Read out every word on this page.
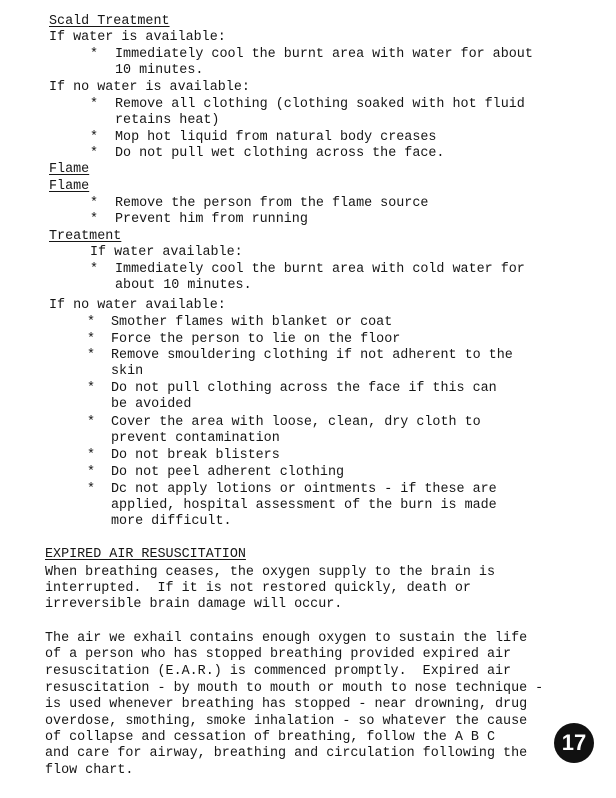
Scald Treatment
If water is available:
* Immediately cool the burnt area with water for about
10 minutes.
If no water is available:
* Remove all clothing (clothing soaked with hot fluid
retains heat)
* Mop hot liquid from natural body creases
* Do not pull wet clothing across the face.
Flame
Flame
* Remove the person from the flame source
* Prevent him from running
Treatment
If water available:
* Immediately cool the burnt area with cold water for
about 10 minutes.
If no water available:
* Smother flames with blanket or coat
* Force the person to lie on the floor
* Remove smouldering clothing if not adherent to the
skin
* Do not pull clothing across the face if this can
be avoided
* Cover the area with loose, clean, dry cloth to
prevent contamination
* Do not break blisters
* Do not peel adherent clothing
* Dc not apply lotions or ointments - if these are
applied, hospital assessment of the burn is made
more difficult.
EXPIRED AIR RESUSCITATION
When breathing ceases, the oxygen supply to the brain is
interrupted.  If it is not restored quickly, death or
irreversible brain damage will occur.
The air we exhail contains enough oxygen to sustain the life
of a person who has stopped breathing provided expired air
resuscitation (E.A.R.) is commenced promptly.  Expired air
resuscitation - by mouth to mouth or mouth to nose technique -
is used whenever breathing has stopped - near drowning, drug
overdose, smothing, smoke inhalation - so whatever the cause
of collapse and cessation of breathing, follow the A B C
and care for airway, breathing and circulation following the
flow chart.
17
